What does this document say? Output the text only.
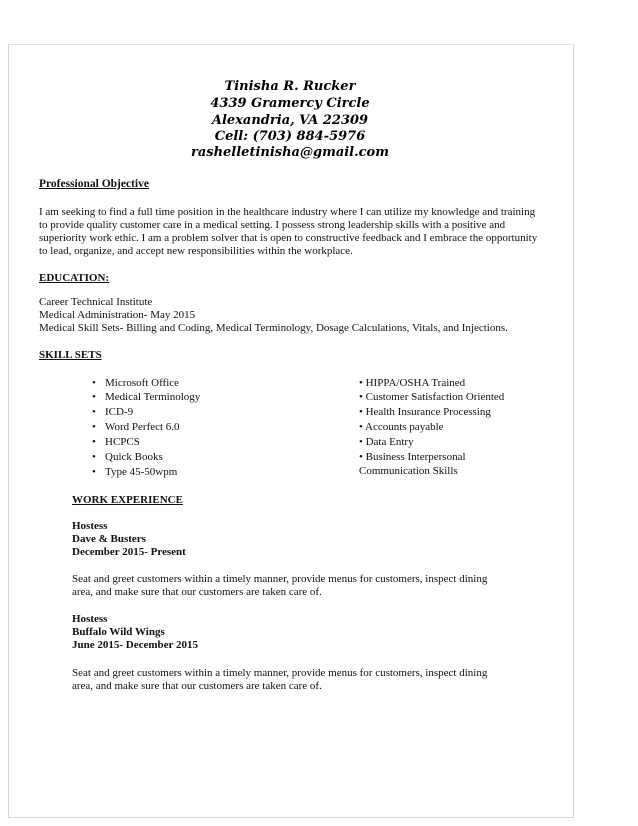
Tinisha R. Rucker
4339 Gramercy Circle
Alexandria, VA 22309
Cell: (703) 884-5976
rashelletinisha@gmail.com
Professional Objective
I am seeking to find a full time position in the healthcare industry where I can utilize my knowledge and training
to provide quality customer care in a medical setting. I possess strong leadership skills with a positive and
superiority work ethic. I am a problem solver that is open to constructive feedback and I embrace the opportunity
to lead, organize, and accept new responsibilities within the workplace.
EDUCATION:
Career Technical Institute
Medical Administration- May 2015
Medical Skill Sets- Billing and Coding, Medical Terminology, Dosage Calculations, Vitals, and Injections.
SKILL SETS
• Microsoft Office
• Medical Terminology
• ICD-9
• Word Perfect 6.0
• HCPCS
• Quick Books
• Type 45-50wpm
• HIPPA/OSHA Trained
• Customer Satisfaction Oriented
• Health Insurance Processing
• Accounts payable
• Data Entry
• Business Interpersonal
Communication Skills
WORK EXPERIENCE
Hostess
Dave & Busters
December 2015- Present
Seat and greet customers within a timely manner, provide menus for customers, inspect dining
area, and make sure that our customers are taken care of.
Hostess
Buffalo Wild Wings
June 2015- December 2015
Seat and greet customers within a timely manner, provide menus for customers, inspect dining
area, and make sure that our customers are taken care of.
